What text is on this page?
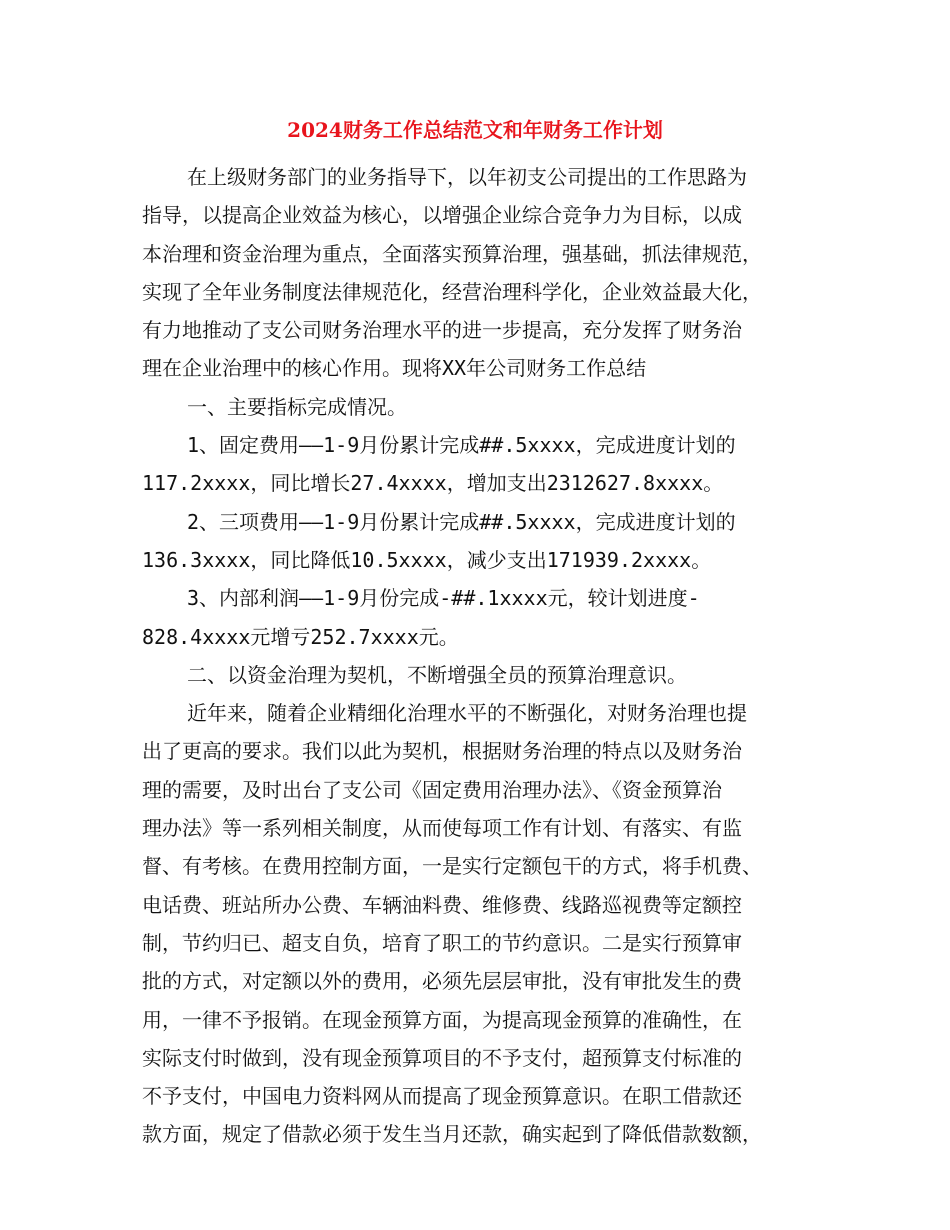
2024财务工作总结范文和年财务工作计划
在上级财务部门的业务指导下，以年初支公司提出的工作思路为
指导，以提高企业效益为核心，以增强企业综合竞争力为目标，以成
本治理和资金治理为重点，全面落实预算治理，强基础，抓法律规范，
实现了全年业务制度法律规范化，经营治理科学化，企业效益最大化，
有力地推动了支公司财务治理水平的进一步提高，充分发挥了财务治
理在企业治理中的核心作用。现将XX年公司财务工作总结
一、主要指标完成情况。
1、固定费用——1-9月份累计完成##.5xxxx，完成进度计划的
117.2xxxx，同比增长27.4xxxx，增加支出2312627.8xxxx。
2、三项费用——1-9月份累计完成##.5xxxx，完成进度计划的
136.3xxxx，同比降低10.5xxxx，减少支出171939.2xxxx。
3、内部利润——1-9月份完成-##.1xxxx元，较计划进度-
828.4xxxx元增亏252.7xxxx元。
二、以资金治理为契机，不断增强全员的预算治理意识。
近年来，随着企业精细化治理水平的不断强化，对财务治理也提
出了更高的要求。我们以此为契机，根据财务治理的特点以及财务治
理的需要，及时出台了支公司《固定费用治理办法》、《资金预算治
理办法》等一系列相关制度，从而使每项工作有计划、有落实、有监
督、有考核。在费用控制方面，一是实行定额包干的方式，将手机费、
电话费、班站所办公费、车辆油料费、维修费、线路巡视费等定额控
制，节约归已、超支自负，培育了职工的节约意识。二是实行预算审
批的方式，对定额以外的费用，必须先层层审批，没有审批发生的费
用，一律不予报销。在现金预算方面，为提高现金预算的准确性，在
实际支付时做到，没有现金预算项目的不予支付，超预算支付标准的
不予支付，中国电力资料网从而提高了现金预算意识。在职工借款还
款方面，规定了借款必须于发生当月还款，确实起到了降低借款数额，
